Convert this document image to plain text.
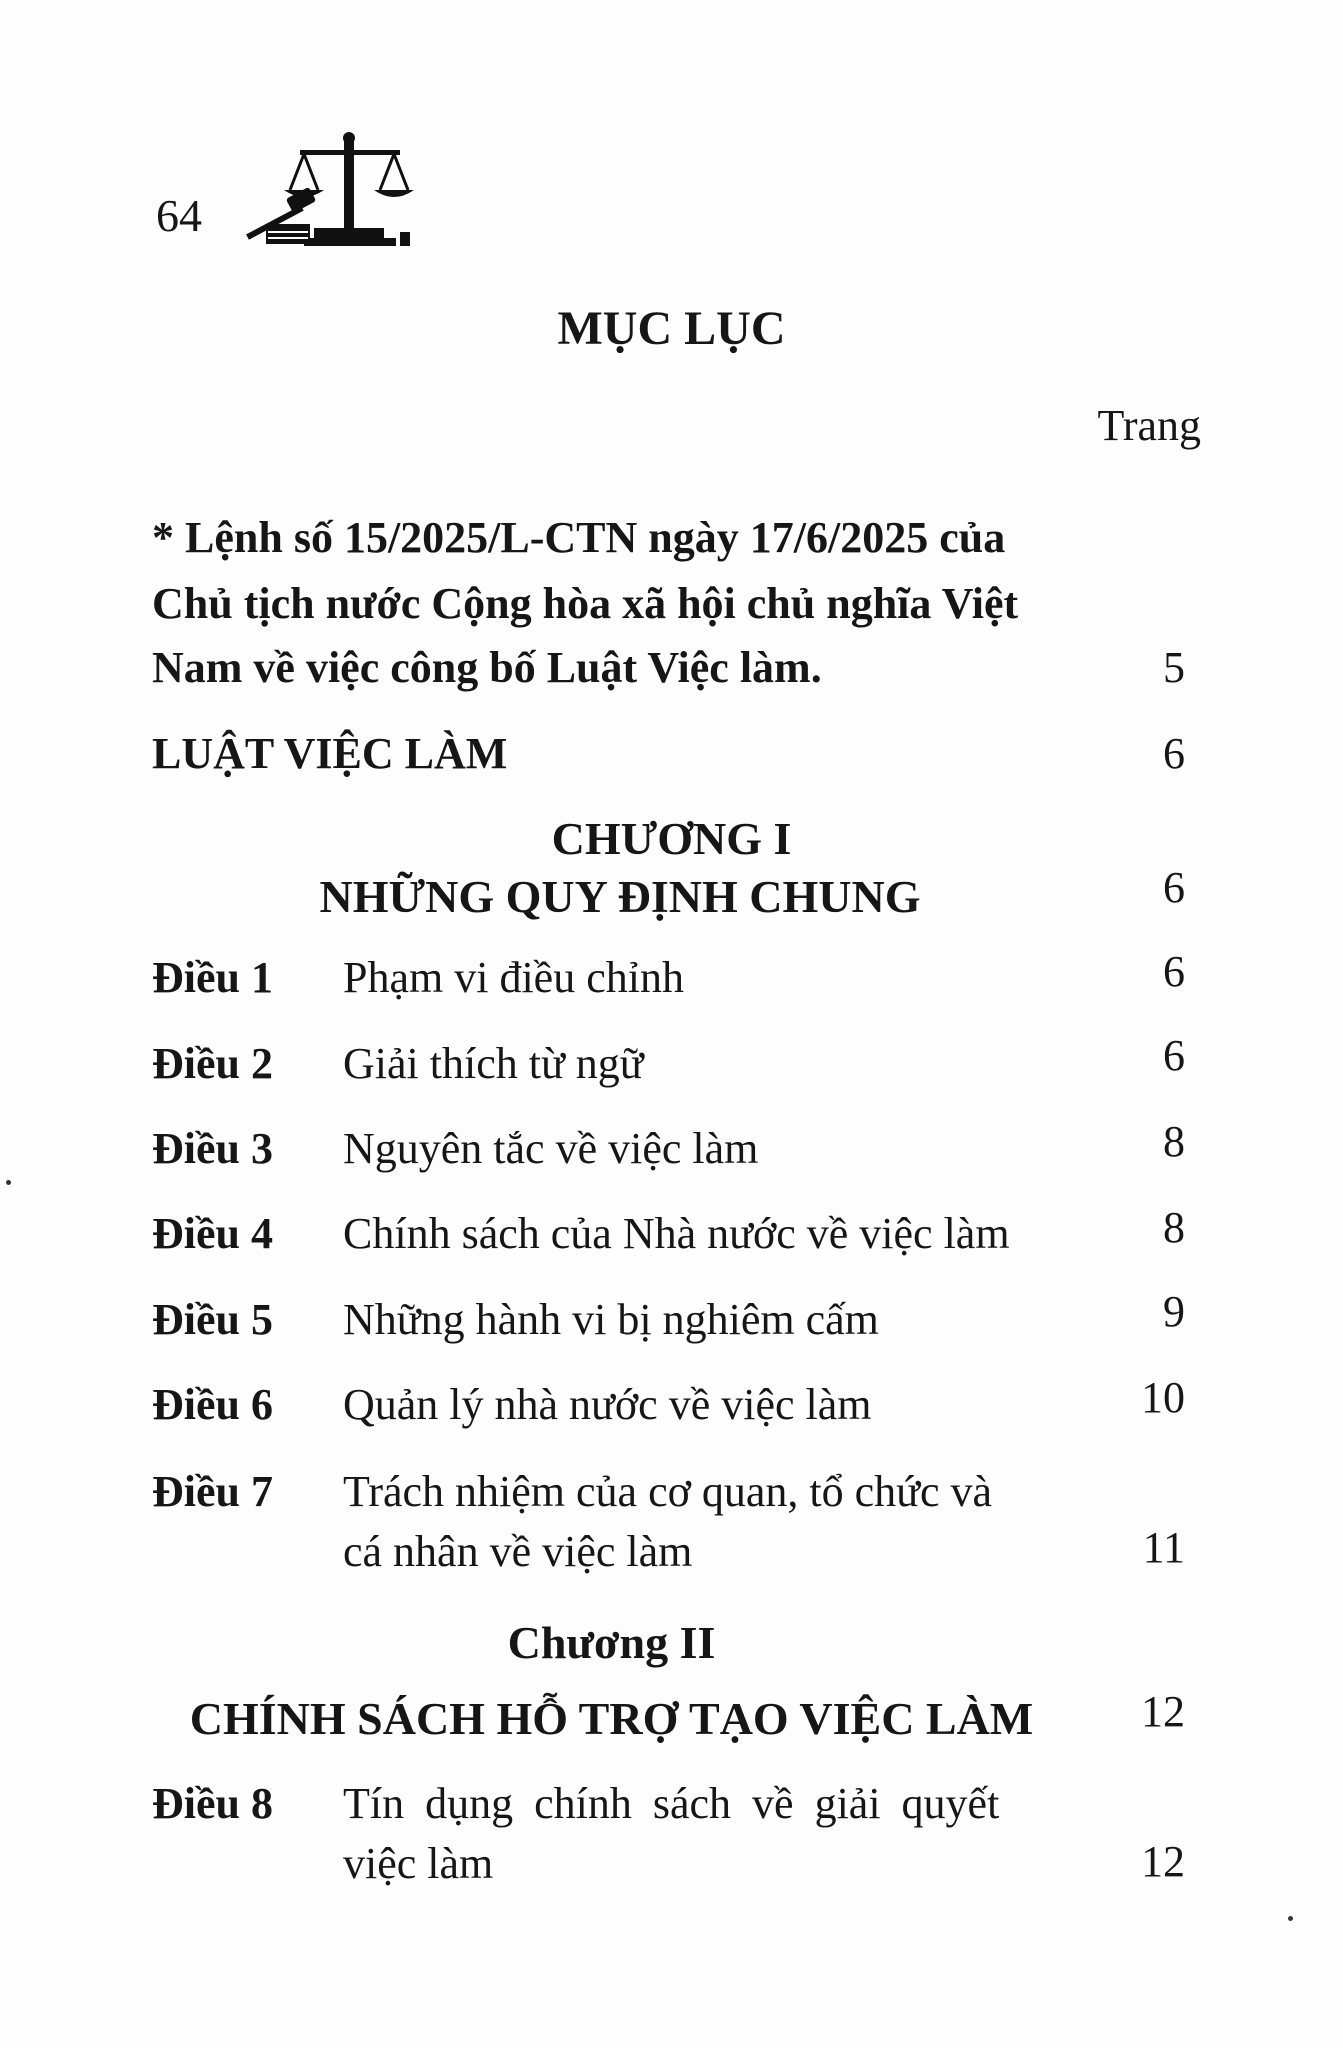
64
MỤC LỤC
Trang
* Lệnh số 15/2025/L-CTN ngày 17/6/2025 của
Chủ tịch nước Cộng hòa xã hội chủ nghĩa Việt
Nam về việc công bố Luật Việc làm.	5
LUẬT VIỆC LÀM	6
CHƯƠNG I
NHỮNG QUY ĐỊNH CHUNG	6
Điều 1 Phạm vi điều chỉnh	6
Điều 2 Giải thích từ ngữ	6
Điều 3 Nguyên tắc về việc làm	8
Điều 4 Chính sách của Nhà nước về việc làm	8
Điều 5 Những hành vi bị nghiêm cấm	9
Điều 6 Quản lý nhà nước về việc làm	10
Điều 7 Trách nhiệm của cơ quan, tổ chức và
cá nhân về việc làm	11
Chương II
CHÍNH SÁCH HỖ TRỢ TẠO VIỆC LÀM	12
Điều 8 Tín dụng chính sách về giải quyết
việc làm	12
